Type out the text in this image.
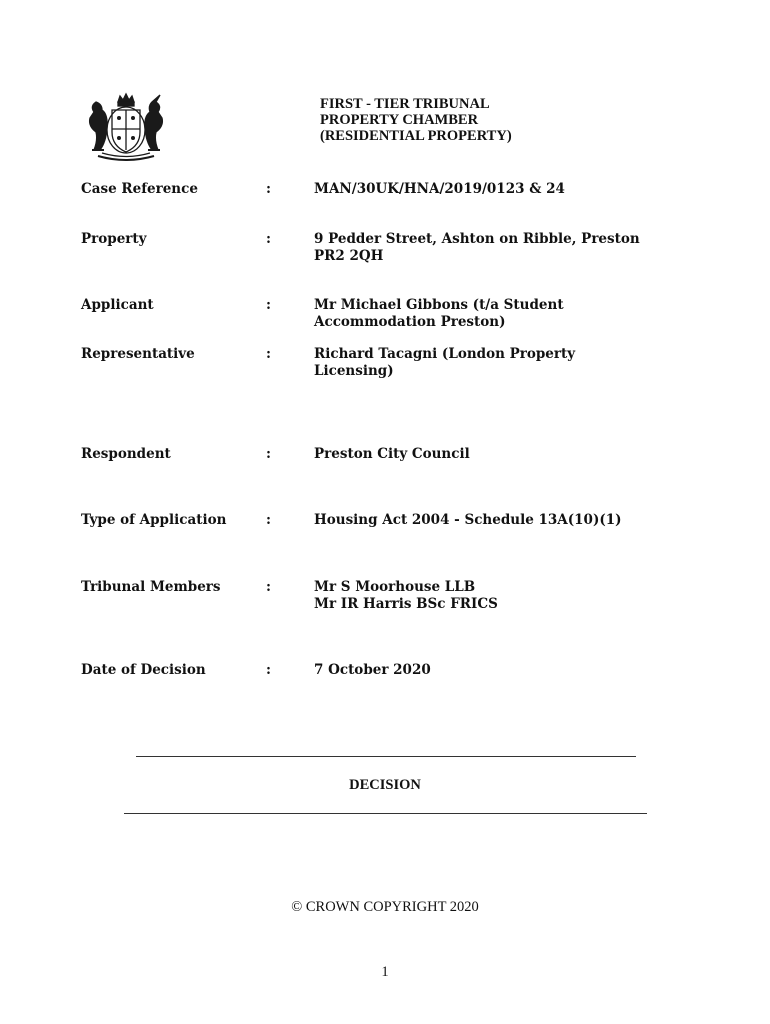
FIRST - TIER TRIBUNAL
PROPERTY CHAMBER
(RESIDENTIAL PROPERTY)
Case Reference	:	MAN/30UK/HNA/2019/0123 & 24
Property	:	9 Pedder Street, Ashton on Ribble, Preston
PR2 2QH
Applicant	:	Mr Michael Gibbons (t/a Student
Accommodation Preston)
Representative	:	Richard Tacagni (London Property
Licensing)
Respondent	:	Preston City Council
Type of Application	:	Housing Act 2004 - Schedule 13A(10)(1)
Tribunal Members	:	Mr S Moorhouse LLB
Mr IR Harris BSc FRICS
Date of Decision	:	7 October 2020
DECISION
© CROWN COPYRIGHT 2020
1
